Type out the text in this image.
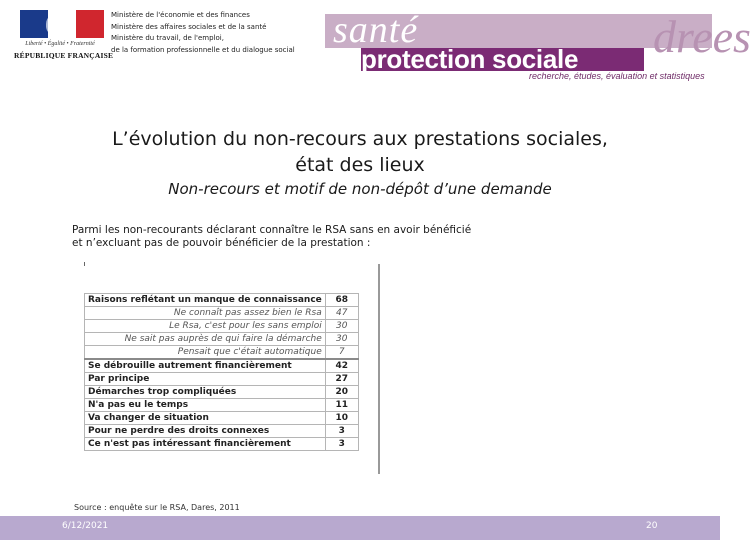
Liberté • Égalité • Fraternité
RÉPUBLIQUE FRANÇAISE
Ministère de l'économie et des finances
Ministère des affaires sociales et de la santé
Ministère du travail, de l'emploi,
de la formation professionnelle et du dialogue social santé
protection sociale drees
recherche, études, évaluation et statistiques
L’évolution du non-recours aux prestations sociales,
état des lieux
Non-recours et motif de non-dépôt d’une demande
Parmi les non-recourants déclarant connaître le RSA sans en avoir bénéficié
et n’excluant pas de pouvoir bénéficier de la prestation :
Raisons reflétant un manque de connaissance	68
Ne connaît pas assez bien le Rsa	47
Le Rsa, c'est pour les sans emploi	30
Ne sait pas auprès de qui faire la démarche	30
Pensait que c'était automatique	7
Se débrouille autrement financièrement	42
Par principe	27
Démarches trop compliquées	20
N'a pas eu le temps	11
Va changer de situation	10
Pour ne perdre des droits connexes	3
Ce n'est pas intéressant financièrement	3
Source : enquête sur le RSA, Dares, 2011
6/12/2021	20
